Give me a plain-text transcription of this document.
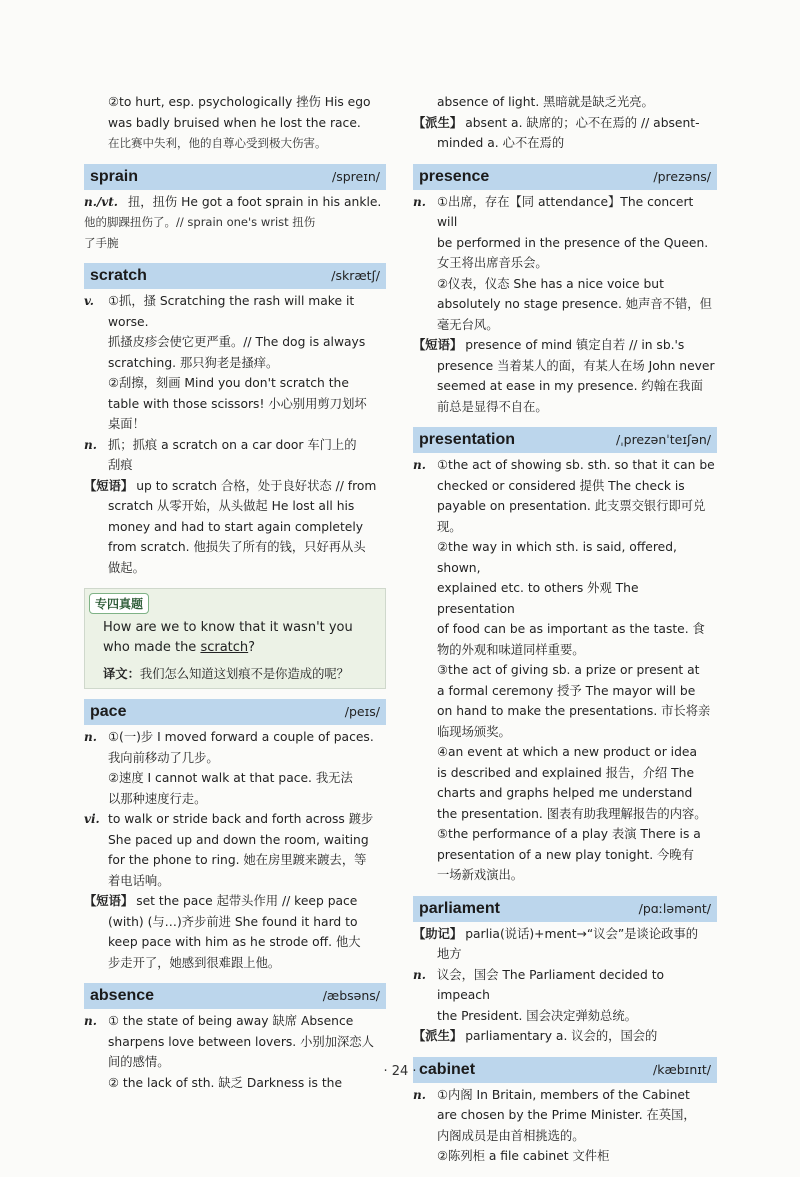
②to hurt, esp. psychologically 挫伤 His ego
was badly bruised when he lost the race.
在比赛中失利，他的自尊心受到极大伤害。
sprain	/spreɪn/
n./vt. 扭，扭伤 He got a foot sprain in his ankle.
他的脚踝扭伤了。// sprain one's wrist 扭伤
了手腕
scratch	/skrætʃ/
v.	①抓，搔 Scratching the rash will make it worse.
抓搔皮疹会使它更严重。// The dog is always
scratching. 那只狗老是搔痒。
②刮擦，刻画 Mind you don't scratch the
table with those scissors! 小心别用剪刀划坏
桌面！
n. 抓；抓痕 a scratch on a car door 车门上的
刮痕
【短语】 up to scratch 合格，处于良好状态 // from
scratch 从零开始，从头做起 He lost all his
money and had to start again completely
from scratch. 他损失了所有的钱，只好再从头
做起。
专四真题
How are we to know that it wasn't you
who made the scratch?
译文：我们怎么知道这划痕不是你造成的呢？
pace	/peɪs/
n. ①(一)步 I moved forward a couple of paces.
我向前移动了几步。
②速度 I cannot walk at that pace. 我无法
以那种速度行走。
vi. to walk or stride back and forth across 踱步
She paced up and down the room, waiting
for the phone to ring. 她在房里踱来踱去，等
着电话响。
【短语】 set the pace 起带头作用 // keep pace
(with) (与…)齐步前进 She found it hard to
keep pace with him as he strode off. 他大
步走开了，她感到很难跟上他。
absence	/æbsəns/
n. ① the state of being away 缺席 Absence
sharpens love between lovers. 小别加深恋人
间的感情。
② the lack of sth. 缺乏 Darkness is the
absence of light. 黑暗就是缺乏光亮。
【派生】 absent a. 缺席的；心不在焉的 // absent-
minded a. 心不在焉的
presence	/prezəns/
n. ①出席，存在【同 attendance】The concert will
be performed in the presence of the Queen.
女王将出席音乐会。
②仪表，仪态 She has a nice voice but
absolutely no stage presence. 她声音不错，但
毫无台风。
【短语】 presence of mind 镇定自若 // in sb.'s
presence 当着某人的面，有某人在场 John never
seemed at ease in my presence. 约翰在我面
前总是显得不自在。
presentation	/ˌprezənˈteɪʃən/
n. ①the act of showing sb. sth. so that it can be
checked or considered 提供 The check is
payable on presentation. 此支票交银行即可兑现。
②the way in which sth. is said, offered, shown,
explained etc. to others 外观 The presentation
of food can be as important as the taste. 食
物的外观和味道同样重要。
③the act of giving sb. a prize or present at
a formal ceremony 授予 The mayor will be
on hand to make the presentations. 市长将亲
临现场颁奖。
④an event at which a new product or idea
is described and explained 报告，介绍 The
charts and graphs helped me understand
the presentation. 图表有助我理解报告的内容。
⑤the performance of a play 表演 There is a
presentation of a new play tonight. 今晚有
一场新戏演出。
parliament	/pɑːləmənt/
【助记】 parlia(说话)+ment→“议会”是谈论政事的
地方
n. 议会，国会 The Parliament decided to impeach
the President. 国会决定弹劾总统。
【派生】 parliamentary a. 议会的，国会的
cabinet	/kæbɪnɪt/
n. ①内阁 In Britain, members of the Cabinet
are chosen by the Prime Minister. 在英国，
内阁成员是由首相挑选的。
②陈列柜 a file cabinet 文件柜
· 24 ·
